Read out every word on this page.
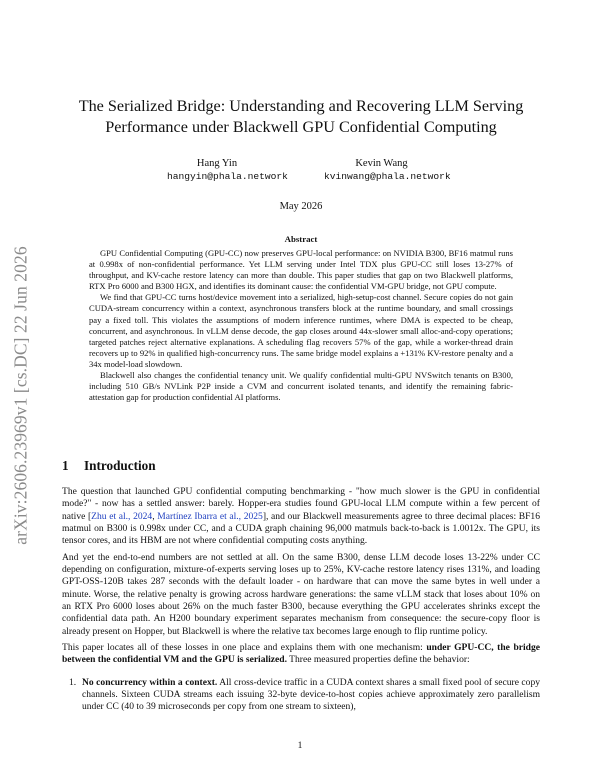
arXiv:2606.23969v1 [cs.DC] 22 Jun 2026
The Serialized Bridge: Understanding and Recovering LLM Serving
Performance under Blackwell GPU Confidential Computing
Hang Yin
hangyin@phala.network
Kevin Wang
kvinwang@phala.network
May 2026
Abstract

GPU Confidential Computing (GPU-CC) now preserves GPU-local performance: on NVIDIA B300, BF16 matmul runs at 0.998x of non-confidential performance. Yet LLM serving under Intel TDX plus GPU-CC still loses 13-27% of throughput, and KV-cache restore latency can more than double. This paper studies that gap on two Blackwell platforms, RTX Pro 6000 and B300 HGX, and identifies its dominant cause: the confidential VM-GPU bridge, not GPU compute.

We find that GPU-CC turns host/device movement into a serialized, high-setup-cost channel. Secure copies do not gain CUDA-stream concurrency within a context, asynchronous transfers block at the runtime boundary, and small crossings pay a fixed toll. This violates the assumptions of modern inference runtimes, where DMA is expected to be cheap, concurrent, and asynchronous. In vLLM dense decode, the gap closes around 44x-slower small alloc-and-copy operations; targeted patches reject alternative explanations. A scheduling flag recovers 57% of the gap, while a worker-thread drain recovers up to 92% in qualified high-concurrency runs. The same bridge model explains a +131% KV-restore penalty and a 34x model-load slowdown.

Blackwell also changes the confidential tenancy unit. We qualify confidential multi-GPU NVSwitch tenants on B300, including 510 GB/s NVLink P2P inside a CVM and concurrent isolated tenants, and identify the remaining fabric-attestation gap for production confidential AI platforms.

1 Introduction

The question that launched GPU confidential computing benchmarking - "how much slower is the GPU in confidential mode?" - now has a settled answer: barely. Hopper-era studies found GPU-local LLM compute within a few percent of native [Zhu et al., 2024, Martínez Ibarra et al., 2025], and our Blackwell measurements agree to three decimal places: BF16 matmul on B300 is 0.998x under CC, and a CUDA graph chaining 96,000 matmuls back-to-back is 1.0012x. The GPU, its tensor cores, and its HBM are not where confidential computing costs anything.

And yet the end-to-end numbers are not settled at all. On the same B300, dense LLM decode loses 13-22% under CC depending on configuration, mixture-of-experts serving loses up to 25%, KV-cache restore latency rises 131%, and loading GPT-OSS-120B takes 287 seconds with the default loader - on hardware that can move the same bytes in well under a minute. Worse, the relative penalty is growing across hardware generations: the same vLLM stack that loses about 10% on an RTX Pro 6000 loses about 26% on the much faster B300, because everything the GPU accelerates shrinks except the confidential data path. An H200 boundary experiment separates mechanism from consequence: the secure-copy floor is already present on Hopper, but Blackwell is where the relative tax becomes large enough to flip runtime policy.

This paper locates all of these losses in one place and explains them with one mechanism: under GPU-CC, the bridge between the confidential VM and the GPU is serialized. Three measured properties define the behavior:

1. No concurrency within a context. All cross-device traffic in a CUDA context shares a small fixed pool of secure copy channels. Sixteen CUDA streams each issuing 32-byte device-to-host copies achieve approximately zero parallelism under CC (40 to 39 microseconds per copy from one stream to sixteen),
1
